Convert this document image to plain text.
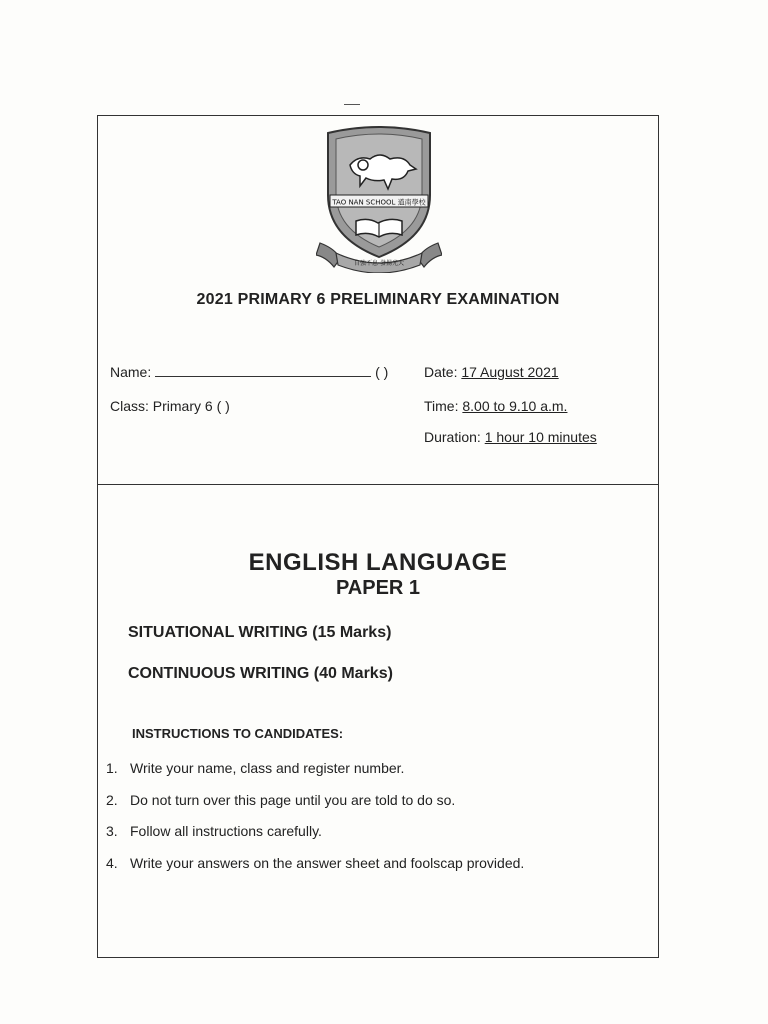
TAO NAN SCHOOL 道南學校
自強不息·發揚光大
2021 PRIMARY 6 PRELIMINARY EXAMINATION
Name:	( )	Date: 17 August 2021
Class: Primary 6 ( )	Time: 8.00 to 9.10 a.m.
Duration: 1 hour 10 minutes
ENGLISH LANGUAGE
PAPER 1
SITUATIONAL WRITING (15 Marks)
CONTINUOUS WRITING (40 Marks)
INSTRUCTIONS TO CANDIDATES:
1. Write your name, class and register number.
2. Do not turn over this page until you are told to do so.
3. Follow all instructions carefully.
4. Write your answers on the answer sheet and foolscap provided.
